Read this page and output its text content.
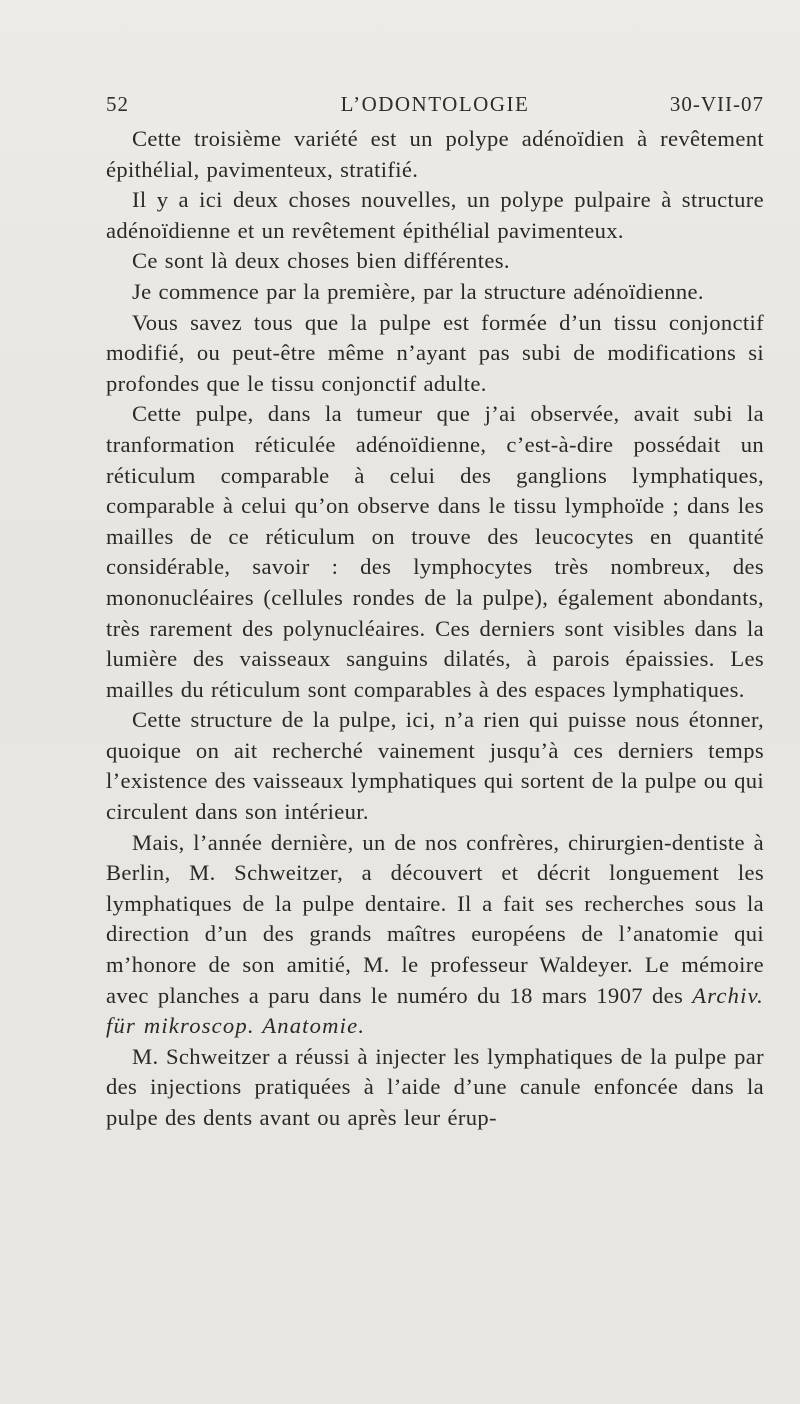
52	L’ODONTOLOGIE	30-VII-07

Cette troisième variété est un polype adénoïdien à revêtement épithélial, pavimenteux, stratifié.

Il y a ici deux choses nouvelles, un polype pulpaire à structure adénoïdienne et un revêtement épithélial pavimenteux.

Ce sont là deux choses bien différentes.

Je commence par la première, par la structure adénoïdienne.

Vous savez tous que la pulpe est formée d’un tissu conjonctif modifié, ou peut-être même n’ayant pas subi de modifications si profondes que le tissu conjonctif adulte.

Cette pulpe, dans la tumeur que j’ai observée, avait subi la tranformation réticulée adénoïdienne, c’est-à-dire possédait un réticulum comparable à celui des ganglions lymphatiques, comparable à celui qu’on observe dans le tissu lymphoïde ; dans les mailles de ce réticulum on trouve des leucocytes en quantité considérable, savoir : des lymphocytes très nombreux, des mononucléaires (cellules rondes de la pulpe), également abondants, très rarement des polynucléaires. Ces derniers sont visibles dans la lumière des vaisseaux sanguins dilatés, à parois épaissies. Les mailles du réticulum sont comparables à des espaces lymphatiques.

Cette structure de la pulpe, ici, n’a rien qui puisse nous étonner, quoique on ait recherché vainement jusqu’à ces derniers temps l’existence des vaisseaux lymphatiques qui sortent de la pulpe ou qui circulent dans son intérieur.

Mais, l’année dernière, un de nos confrères, chirurgien-dentiste à Berlin, M. Schweitzer, a découvert et décrit longuement les lymphatiques de la pulpe dentaire. Il a fait ses recherches sous la direction d’un des grands maîtres européens de l’anatomie qui m’honore de son amitié, M. le professeur Waldeyer. Le mémoire avec planches a paru dans le numéro du 18 mars 1907 des Archiv. für mikroscop. Anatomie.

M. Schweitzer a réussi à injecter les lymphatiques de la pulpe par des injections pratiquées à l’aide d’une canule enfoncée dans la pulpe des dents avant ou après leur érup-
